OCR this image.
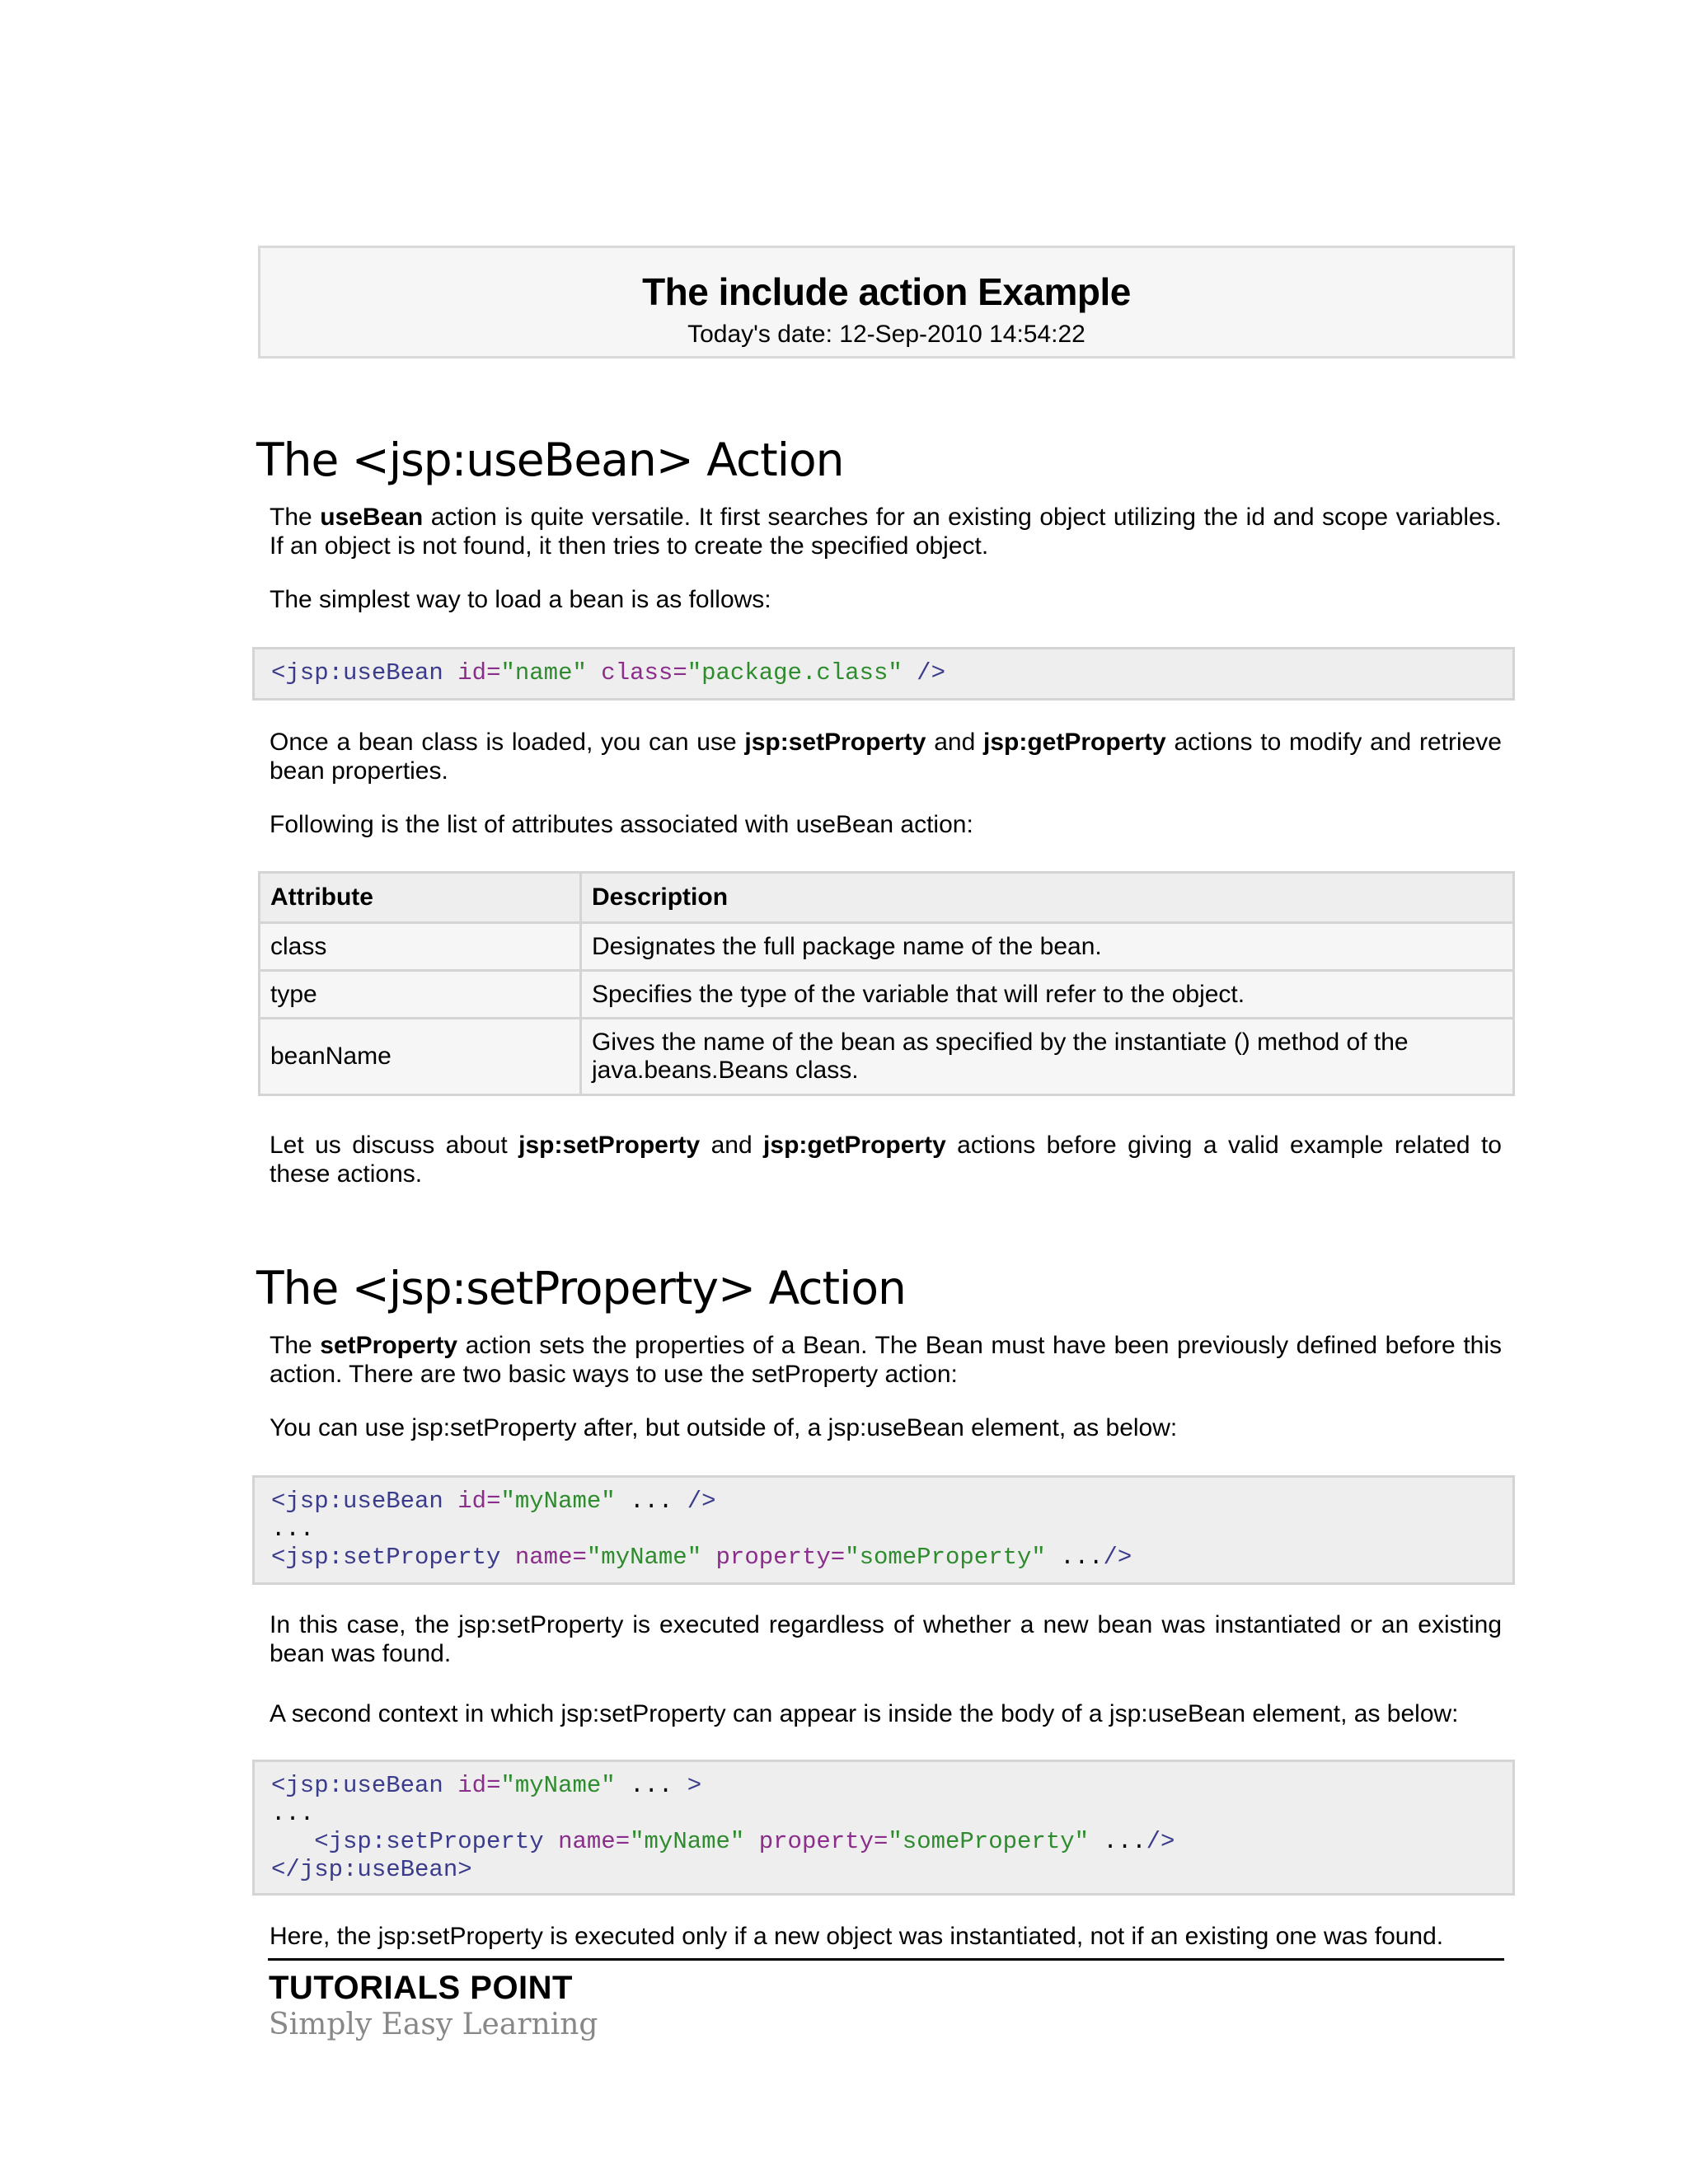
The include action Example
Today's date: 12-Sep-2010 14:54:22
The <jsp:useBean> Action

The useBean action is quite versatile. It first searches for an existing object utilizing the id and scope variables. If an object is not found, it then tries to create the specified object.

The simplest way to load a bean is as follows:

<jsp:useBean id="name" class="package.class" />

Once a bean class is loaded, you can use jsp:setProperty and jsp:getProperty actions to modify and retrieve bean properties.

Following is the list of attributes associated with useBean action:

Attribute	Description
class	Designates the full package name of the bean.
type	Specifies the type of the variable that will refer to the object.
beanName	Gives the name of the bean as specified by the instantiate () method of the java.beans.Beans class.

Let us discuss about jsp:setProperty and jsp:getProperty actions before giving a valid example related to these actions.

The <jsp:setProperty> Action

The setProperty action sets the properties of a Bean. The Bean must have been previously defined before this action. There are two basic ways to use the setProperty action:

You can use jsp:setProperty after, but outside of, a jsp:useBean element, as below:

<jsp:useBean id="myName" ... />
...
<jsp:setProperty name="myName" property="someProperty" .../>

In this case, the jsp:setProperty is executed regardless of whether a new bean was instantiated or an existing bean was found.

A second context in which jsp:setProperty can appear is inside the body of a jsp:useBean element, as below:

<jsp:useBean id="myName" ... >
...
<jsp:setProperty name="myName" property="someProperty" .../>
</jsp:useBean>

Here, the jsp:setProperty is executed only if a new object was instantiated, not if an existing one was found.

TUTORIALS POINT
Simply Easy Learning
